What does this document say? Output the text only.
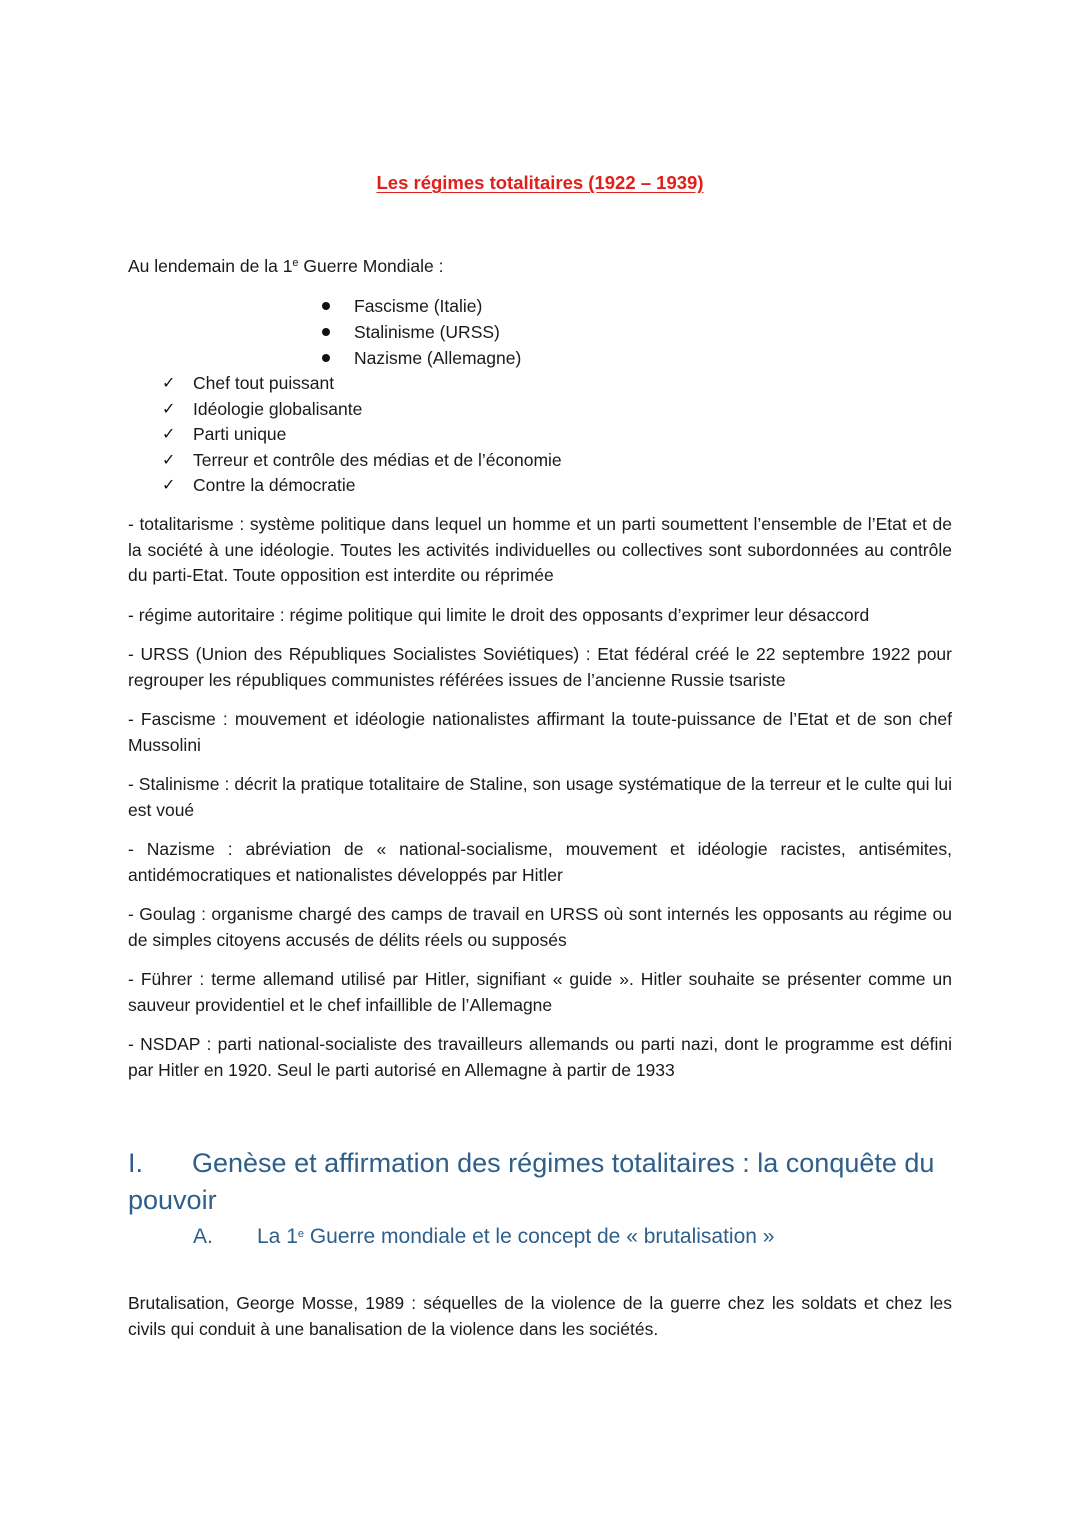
Les régimes totalitaires (1922 – 1939)
Au lendemain de la 1e Guerre Mondiale :
Fascisme (Italie)
Stalinisme (URSS)
Nazisme (Allemagne)
✓ Chef tout puissant
✓ Idéologie globalisante
✓ Parti unique
✓ Terreur et contrôle des médias et de l’économie
✓ Contre la démocratie

- totalitarisme : système politique dans lequel un homme et un parti soumettent l’ensemble de l’Etat et de la société à une idéologie. Toutes les activités individuelles ou collectives sont subordonnées au contrôle du parti-Etat. Toute opposition est interdite ou réprimée

- régime autoritaire : régime politique qui limite le droit des opposants d’exprimer leur désaccord

- URSS (Union des Républiques Socialistes Soviétiques) : Etat fédéral créé le 22 septembre 1922 pour regrouper les républiques communistes référées issues de l’ancienne Russie tsariste

- Fascisme : mouvement et idéologie nationalistes affirmant la toute-puissance de l’Etat et de son chef Mussolini

- Stalinisme : décrit la pratique totalitaire de Staline, son usage systématique de la terreur et le culte qui lui est voué

- Nazisme : abréviation de « national-socialisme, mouvement et idéologie racistes, antisémites, antidémocratiques et nationalistes développés par Hitler

- Goulag : organisme chargé des camps de travail en URSS où sont internés les opposants au régime ou de simples citoyens accusés de délits réels ou supposés

- Führer : terme allemand utilisé par Hitler, signifiant « guide ». Hitler souhaite se présenter comme un sauveur providentiel et le chef infaillible de l’Allemagne

- NSDAP : parti national-socialiste des travailleurs allemands ou parti nazi, dont le programme est défini par Hitler en 1920. Seul le parti autorisé en Allemagne à partir de 1933

I. Genèse et affirmation des régimes totalitaires : la conquête du pouvoir
A. La 1e Guerre mondiale et le concept de « brutalisation »

Brutalisation, George Mosse, 1989 : séquelles de la violence de la guerre chez les soldats et chez les civils qui conduit à une banalisation de la violence dans les sociétés.
